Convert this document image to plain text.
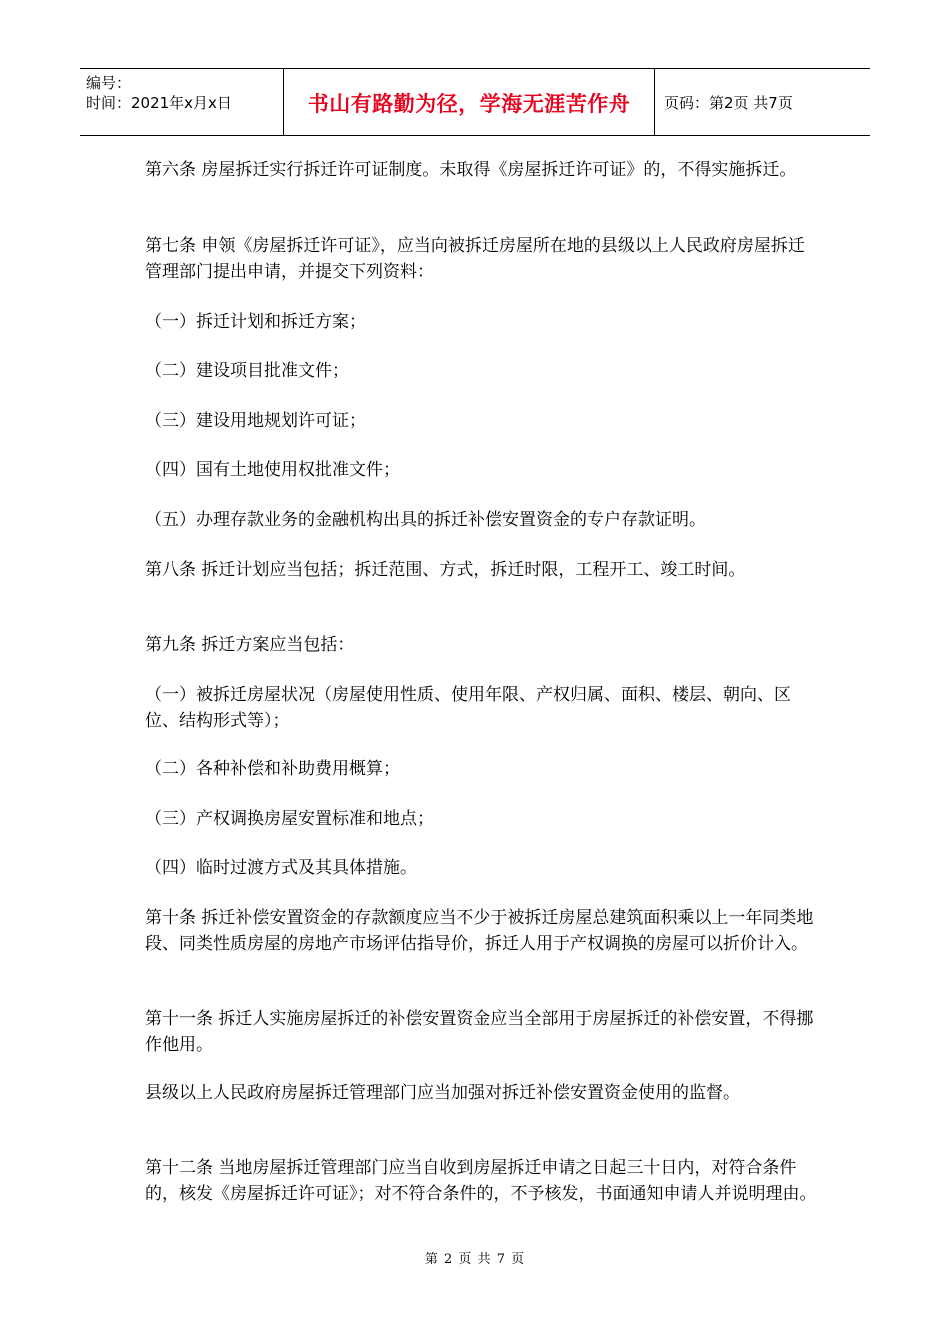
编号：
时间：2021年x月x日	书山有路勤为径，学海无涯苦作舟 页码：第2页 共7页

第六条 房屋拆迁实行拆迁许可证制度。未取得《房屋拆迁许可证》的，不得实施拆迁。

第七条 申领《房屋拆迁许可证》，应当向被拆迁房屋所在地的县级以上人民政府房屋拆迁管理部门提出申请，并提交下列资料：

（一）拆迁计划和拆迁方案；

（二）建设项目批准文件；

（三）建设用地规划许可证；

（四）国有土地使用权批准文件；

（五）办理存款业务的金融机构出具的拆迁补偿安置资金的专户存款证明。

第八条 拆迁计划应当包括；拆迁范围、方式，拆迁时限，工程开工、竣工时间。

第九条 拆迁方案应当包括：

（一）被拆迁房屋状况（房屋使用性质、使用年限、产权归属、面积、楼层、朝向、区位、结构形式等）；

（二）各种补偿和补助费用概算；

（三）产权调换房屋安置标准和地点；

（四）临时过渡方式及其具体措施。

第十条 拆迁补偿安置资金的存款额度应当不少于被拆迁房屋总建筑面积乘以上一年同类地段、同类性质房屋的房地产市场评估指导价，拆迁人用于产权调换的房屋可以折价计入。

第十一条 拆迁人实施房屋拆迁的补偿安置资金应当全部用于房屋拆迁的补偿安置，不得挪作他用。

县级以上人民政府房屋拆迁管理部门应当加强对拆迁补偿安置资金使用的监督。

第十二条 当地房屋拆迁管理部门应当自收到房屋拆迁申请之日起三十日内，对符合条件的，核发《房屋拆迁许可证》；对不符合条件的，不予核发，书面通知申请人并说明理由。

第 2 页 共 7 页
